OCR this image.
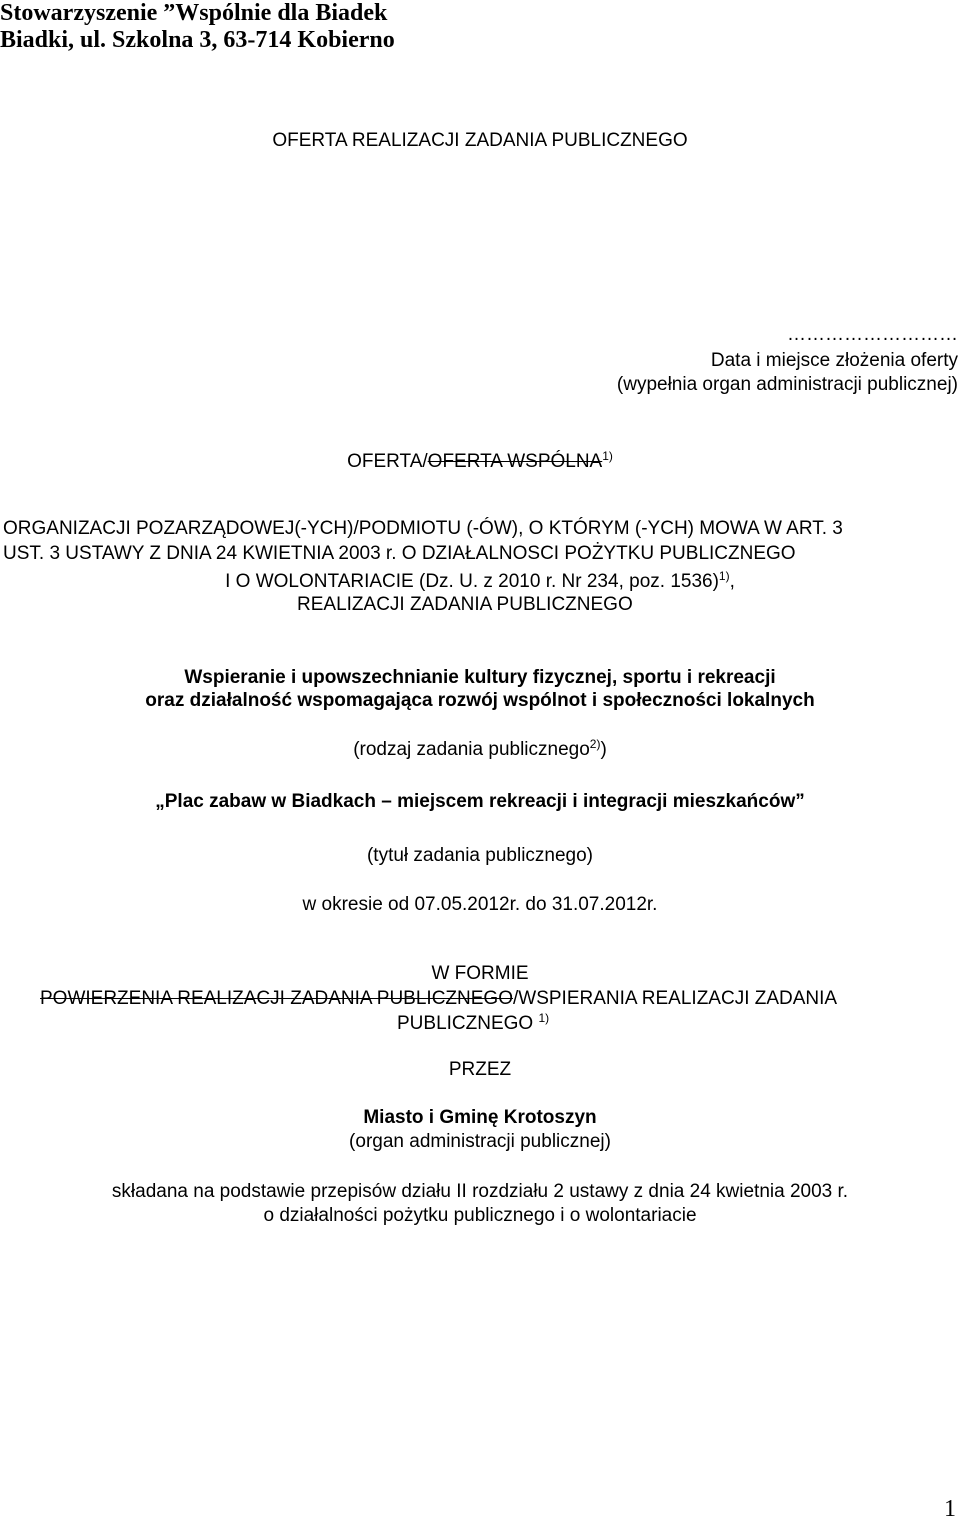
Stowarzyszenie ”Wspólnie dla Biadek
Biadki, ul. Szkolna 3, 63-714 Kobierno
OFERTA REALIZACJI ZADANIA PUBLICZNEGO
………………………
Data i miejsce złożenia oferty
(wypełnia organ administracji publicznej)
OFERTA/OFERTA WSPÓLNA$^{1)}$
ORGANIZACJI POZARZĄDOWEJ(-YCH)/PODMIOTU (-ÓW), O KTÓRYM (-YCH) MOWA W ART. 3
UST. 3 USTAWY Z DNIA 24 KWIETNIA 2003 r. O DZIAŁALNOSCI POŻYTKU PUBLICZNEGO
I O WOLONTARIACIE (Dz. U. z 2010 r. Nr 234, poz. 1536)$^{1)}$,
REALIZACJI ZADANIA PUBLICZNEGO
Wspieranie i upowszechnianie kultury fizycznej, sportu i rekreacji
oraz działalność wspomagająca rozwój wspólnot i społeczności lokalnych
(rodzaj zadania publicznego$^{2)}$)
„Plac zabaw w Biadkach – miejscem rekreacji i integracji mieszkańców”
(tytuł zadania publicznego)
w okresie od 07.05.2012r. do 31.07.2012r.
W FORMIE
POWIERZENIA REALIZACJI ZADANIA PUBLICZNEGO/WSPIERANIA REALIZACJI ZADANIA
PUBLICZNEGO $^{1)}$
PRZEZ
Miasto i Gminę Krotoszyn
(organ administracji publicznej)
składana na podstawie przepisów działu II rozdziału 2 ustawy z dnia 24 kwietnia 2003 r.
o działalności pożytku publicznego i o wolontariacie
1
